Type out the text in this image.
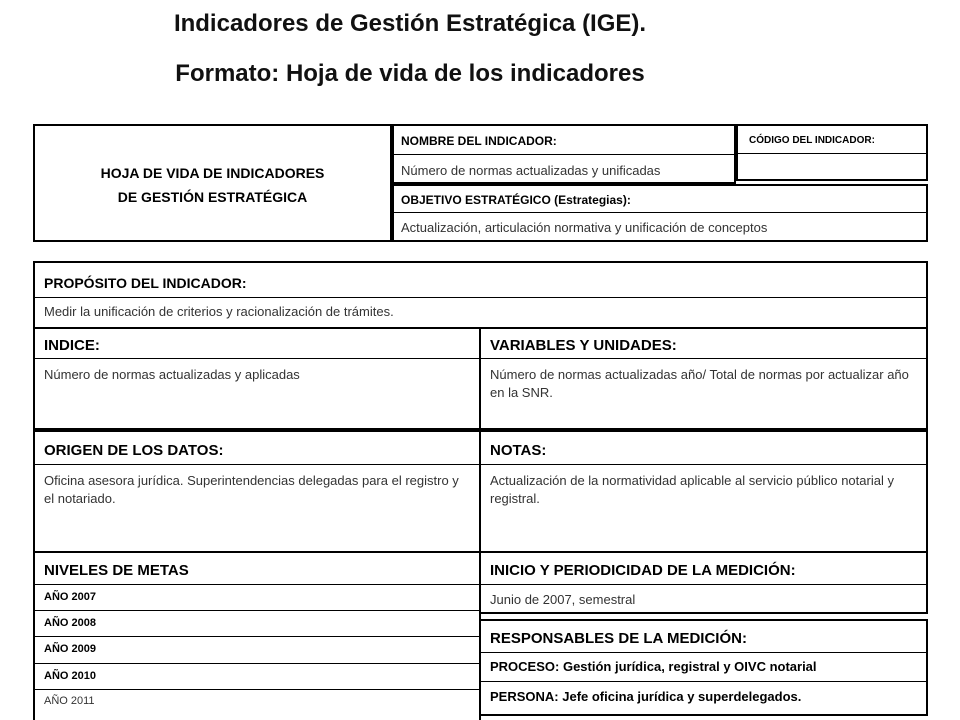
Indicadores de Gestión Estratégica (IGE).
Formato: Hoja de vida de los indicadores
HOJA DE VIDA DE INDICADORES
DE GESTIÓN ESTRATÉGICA
NOMBRE DEL INDICADOR:
Número de normas actualizadas y unificadas
CÓDIGO DEL INDICADOR:
OBJETIVO ESTRATÉGICO (Estrategias):
Actualización, articulación normativa y unificación de conceptos
PROPÓSITO DEL INDICADOR:
Medir la unificación de criterios y racionalización de trámites.
INDICE:
Número de normas actualizadas y aplicadas
VARIABLES Y UNIDADES:
Número de normas actualizadas año/ Total de normas por actualizar año en la SNR.
ORIGEN DE LOS DATOS:
Oficina asesora jurídica. Superintendencias delegadas para el registro y el notariado.
NOTAS:
Actualización de la normatividad aplicable al servicio público notarial y registral.
NIVELES DE METAS
AÑO 2007
AÑO 2008
AÑO 2009
AÑO 2010
AÑO 2011
INICIO Y PERIODICIDAD DE LA MEDICIÓN:
Junio de 2007, semestral
RESPONSABLES DE LA MEDICIÓN:
PROCESO: Gestión jurídica, registral y OIVC notarial
PERSONA: Jefe oficina jurídica y superdelegados.
